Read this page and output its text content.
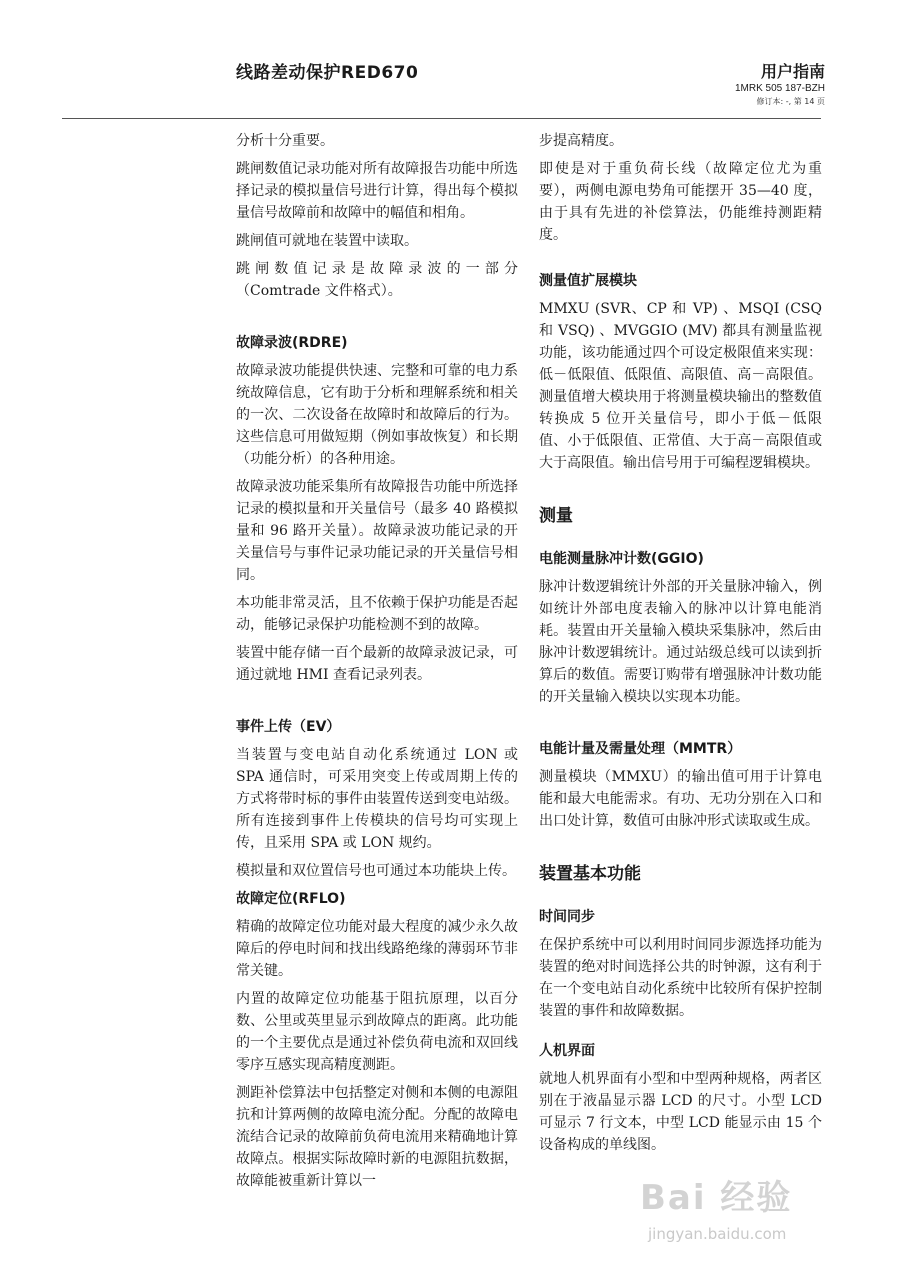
线路差动保护RED670	用户指南
1MRK 505 187-BZH
修订本: -, 第 14 页

分析十分重要。

跳闸数值记录功能对所有故障报告功能中所选择记录的模拟量信号进行计算，得出每个模拟量信号故障前和故障中的幅值和相角。

跳闸值可就地在装置中读取。

跳闸数值记录是故障录波的一部分（Comtrade 文件格式）。

故障录波(RDRE)

故障录波功能提供快速、完整和可靠的电力系统故障信息，它有助于分析和理解系统和相关的一次、二次设备在故障时和故障后的行为。这些信息可用做短期（例如事故恢复）和长期（功能分析）的各种用途。

故障录波功能采集所有故障报告功能中所选择记录的模拟量和开关量信号（最多 40 路模拟量和 96 路开关量）。故障录波功能记录的开关量信号与事件记录功能记录的开关量信号相同。

本功能非常灵活，且不依赖于保护功能是否起动，能够记录保护功能检测不到的故障。

装置中能存储一百个最新的故障录波记录，可通过就地 HMI 查看记录列表。

事件上传（EV）

当装置与变电站自动化系统通过 LON 或 SPA 通信时，可采用突变上传或周期上传的方式将带时标的事件由装置传送到变电站级。所有连接到事件上传模块的信号均可实现上传，且采用 SPA 或 LON 规约。

模拟量和双位置信号也可通过本功能块上传。

故障定位(RFLO)

精确的故障定位功能对最大程度的减少永久故障后的停电时间和找出线路绝缘的薄弱环节非常关键。

内置的故障定位功能基于阻抗原理，以百分数、公里或英里显示到故障点的距离。此功能的一个主要优点是通过补偿负荷电流和双回线零序互感实现高精度测距。

测距补偿算法中包括整定对侧和本侧的电源阻抗和计算两侧的故障电流分配。分配的故障电流结合记录的故障前负荷电流用来精确地计算故障点。根据实际故障时新的电源阻抗数据，故障能被重新计算以一

步提高精度。

即使是对于重负荷长线（故障定位尤为重要），两侧电源电势角可能摆开 35—40 度，由于具有先进的补偿算法，仍能维持测距精度。

测量值扩展模块

MMXU (SVR、CP 和 VP) 、MSQI (CSQ 和 VSQ) 、MVGGIO (MV) 都具有测量监视功能，该功能通过四个可设定极限值来实现：低－低限值、低限值、高限值、高－高限值。测量值增大模块用于将测量模块输出的整数值转换成 5 位开关量信号，即小于低－低限值、小于低限值、正常值、大于高－高限值或大于高限值。输出信号用于可编程逻辑模块。

测量
电能测量脉冲计数(GGIO)

脉冲计数逻辑统计外部的开关量脉冲输入，例如统计外部电度表输入的脉冲以计算电能消耗。装置由开关量输入模块采集脉冲，然后由脉冲计数逻辑统计。通过站级总线可以读到折算后的数值。需要订购带有增强脉冲计数功能的开关量输入模块以实现本功能。

电能计量及需量处理（MMTR）

测量模块（MMXU）的输出值可用于计算电能和最大电能需求。有功、无功分别在入口和出口处计算，数值可由脉冲形式读取或生成。

装置基本功能
时间同步

在保护系统中可以利用时间同步源选择功能为装置的绝对时间选择公共的时钟源，这有利于在一个变电站自动化系统中比较所有保护控制装置的事件和故障数据。

人机界面

就地人机界面有小型和中型两种规格，两者区别在于液晶显示器 LCD 的尺寸。小型 LCD 可显示 7 行文本，中型 LCD 能显示由 15 个设备构成的单线图。

Bai 经验
jingyan.baidu.com
